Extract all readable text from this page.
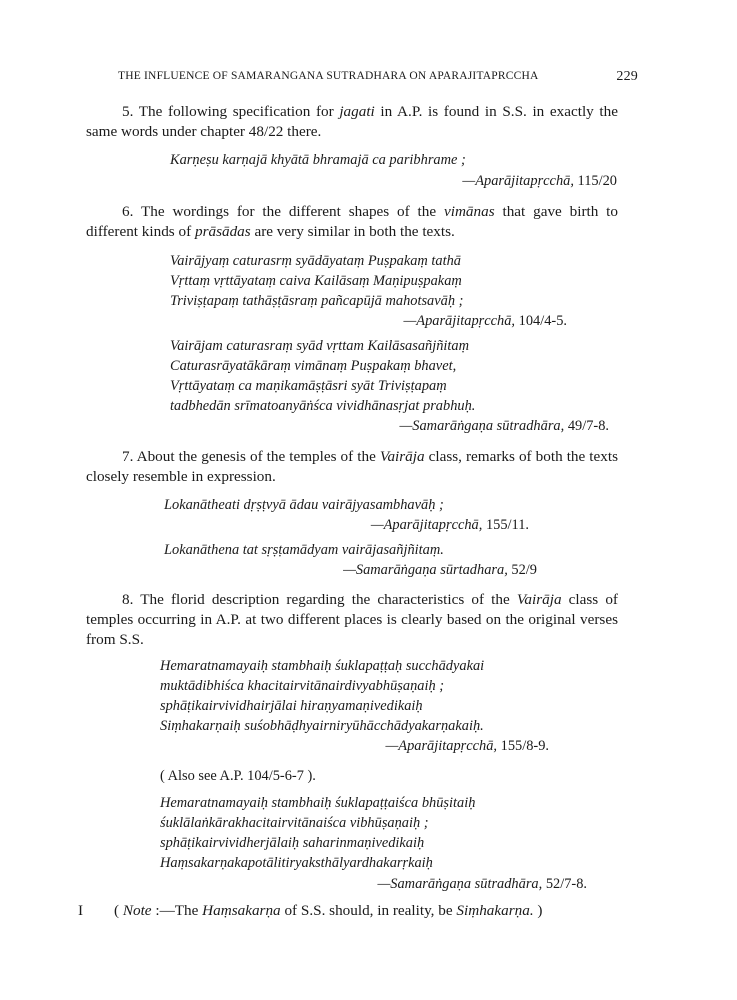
THE INFLUENCE OF SAMARANGANA SUTRADHARA ON APARAJITAPRCCHA	229
5. The following specification for jagati in A.P. is found in S.S. in exactly the same words under chapter 48/22 there.
Karṇeṣu karṇajā khyātā bhramajā ca paribhrame ;
—Aparājitapṛcchā, 115/20
6. The wordings for the different shapes of the vimānas that gave birth to different kinds of prāsādas are very similar in both the texts.
Vairājyaṃ caturasrṃ syādāyataṃ Puṣpakaṃ tathā
Vṛttaṃ vṛttāyataṃ caiva Kailāsaṃ Maṇipuṣpakaṃ
Triviṣṭapaṃ tathāṣṭāsraṃ pañcapūjā mahotsavāḥ ;
—Aparājitapṛcchā, 104/4-5.
Vairājam caturasraṃ syād vṛttam Kailāsasañjñitaṃ
Caturasrāyatākāraṃ vimānaṃ Puṣpakaṃ bhavet,
Vṛttāyataṃ ca maṇikamāṣṭāsri syāt Triviṣṭapaṃ
tadbhedān srīmatoanyāṅśca vividhānasṛjat prabhuḥ.
—Samarāṅgaṇa sūtradhāra, 49/7-8.
7. About the genesis of the temples of the Vairāja class, remarks of both the texts closely resemble in expression.
Lokanātheati dṛṣṭvyā ādau vairājyasambhavāḥ ;
—Aparājitapṛcchā, 155/11.
Lokanāthena tat sṛṣṭamādyam vairājasañjñitaṃ.
—Samarāṅgaṇa sūrtadhara, 52/9
8. The florid description regarding the characteristics of the Vairāja class of temples occurring in A.P. at two different places is clearly based on the original verses from S.S.
Hemaratnamayaiḥ stambhaiḥ śuklapaṭṭaḥ succhādyakai
muktādibhiśca khacitairvitānairdivyabhūṣaṇaiḥ ;
sphāṭikairvividhairjālai hiraṇyamaṇivedikaiḥ
Siṃhakarṇaiḥ suśobhāḍhyairniryūhācchādyakarṇakaiḥ.
—Aparājitapṛcchā, 155/8-9.
( Also see A.P. 104/5-6-7 ).
Hemaratnamayaiḥ stambhaiḥ śuklapaṭṭaiśca bhūṣitaiḥ
śuklālaṅkārakhacitairvitānaiśca vibhūṣaṇaiḥ ;
sphāṭikairvividherjālaiḥ saharinmaṇivedikaiḥ
Haṃsakarṇakapotālitiryaksthālyardhakarṛkaiḥ
—Samarāṅgaṇa sūtradhāra, 52/7-8.
I ( Note :—The Haṃsakarṇa of S.S. should, in reality, be Siṃhakarṇa. )
